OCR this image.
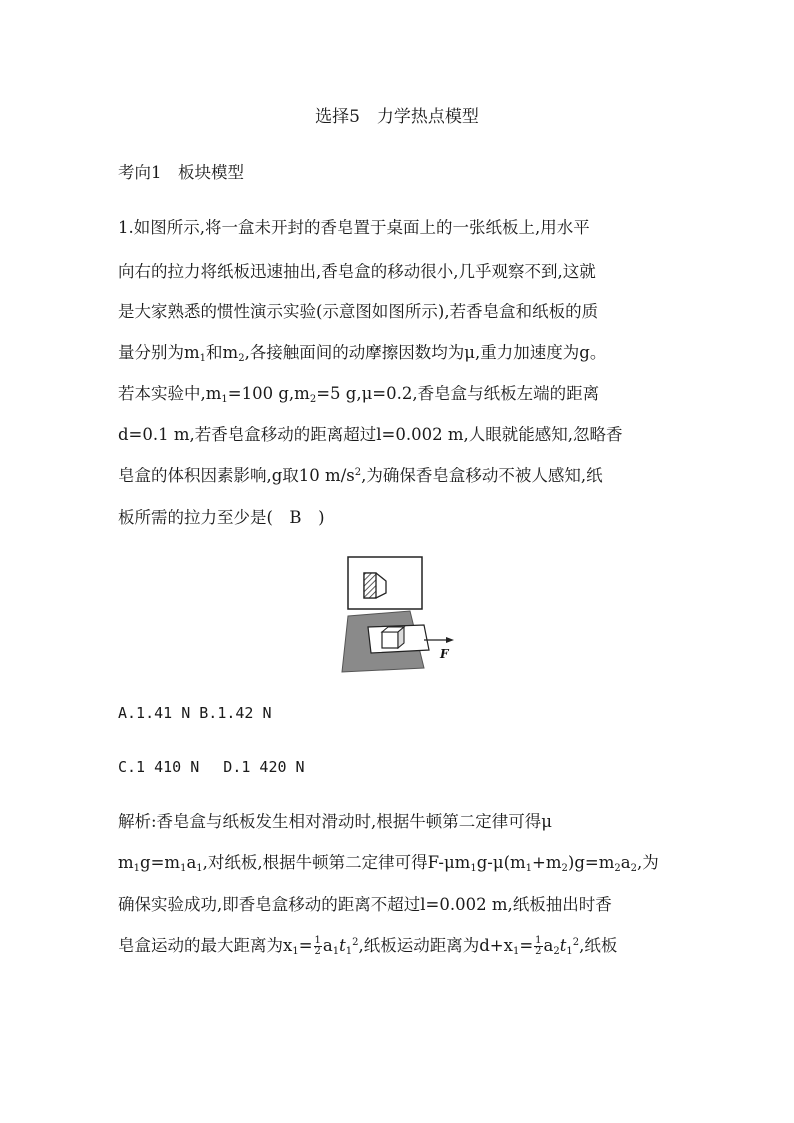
选择5　力学热点模型
考向1　板块模型
1.如图所示,将一盒未开封的香皂置于桌面上的一张纸板上,用水平
向右的拉力将纸板迅速抽出,香皂盒的移动很小,几乎观察不到,这就
是大家熟悉的惯性演示实验(示意图如图所示),若香皂盒和纸板的质
量分别为$m_1$和$m_2$,各接触面间的动摩擦因数均为μ,重力加速度为g。
若本实验中$,m_1=100$ $g,m_2=5$ g,μ=0.2,香皂盒与纸板左端的距离
d=0.1 m,若香皂盒移动的距离超过l=0.002 m,人眼就能感知,忽略香
皂盒的体积因素影响,g取10 $m/s^2$,为确保香皂盒移动不被人感知,纸
板所需的拉力至少是(　B　)
F
A.1.41 N B.1.42 N
C.1 410 N　 D.1 420 N
解析:香皂盒与纸板发生相对滑动时,根据牛顿第二定律可得μ
$m_1g=m_1a_1$,对纸板,根据牛顿第二定律可得$F-\mu m_1g-\mu(m_1+m_2)g=m_2a_2$,为
确保实验成功,即香皂盒移动的距离不超过l=0.002 m,纸板抽出时香
皂盒运动的最大距离为$x_1= \frac{1}{2} a_1t_1^2$,纸板运动距离为$d+x_1= \frac{1}{2} a_2t_1^2$,纸板
